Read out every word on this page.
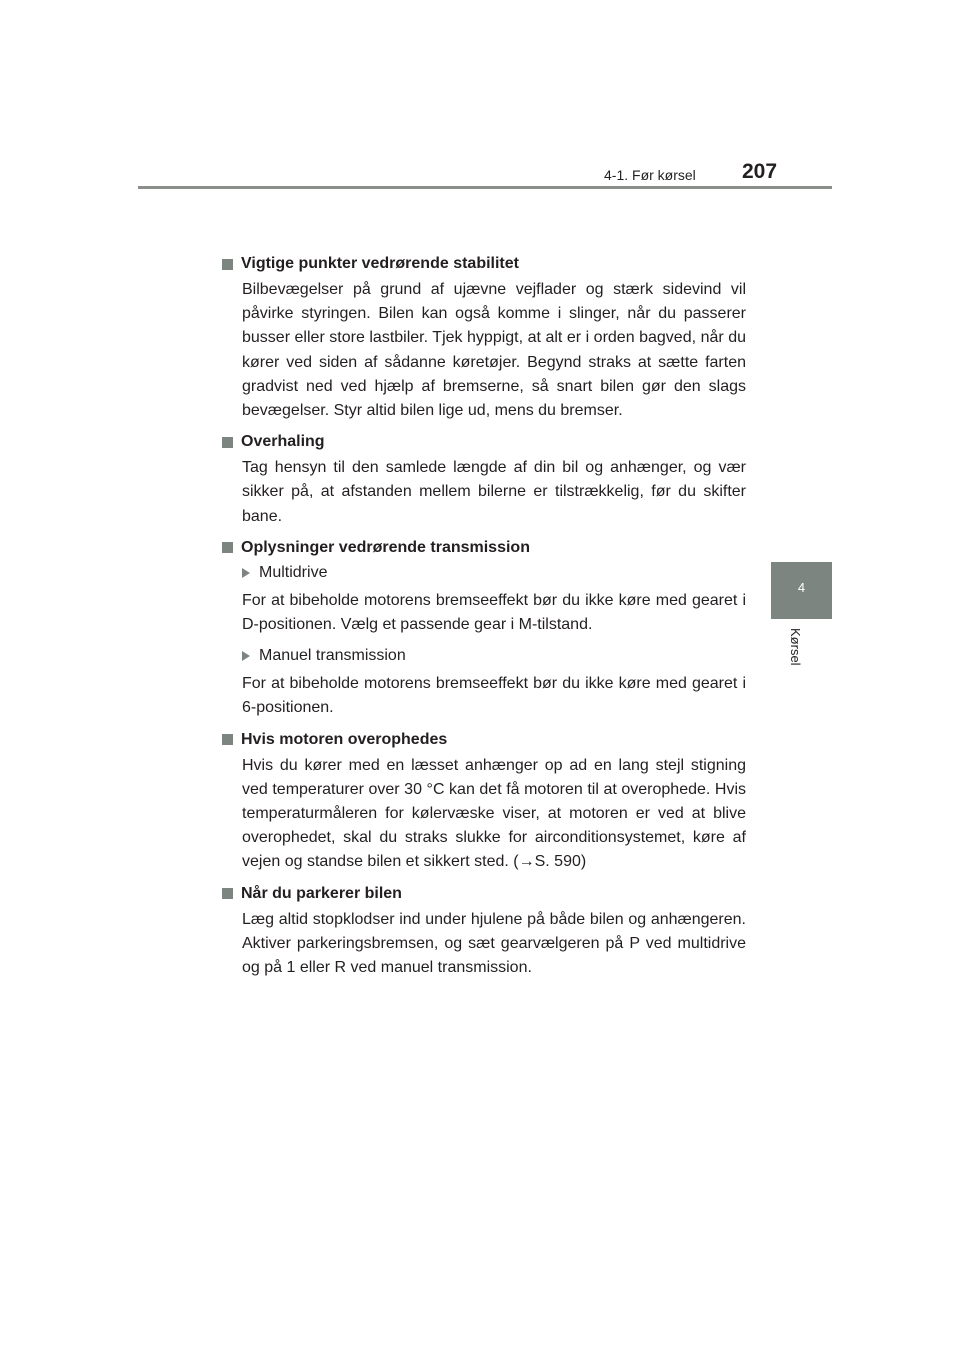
4-1. Før kørsel 207
4
Kørsel
Vigtige punkter vedrørende stabilitet

Bilbevægelser på grund af ujævne vejflader og stærk sidevind vil påvirke styringen. Bilen kan også komme i slinger, når du passerer busser eller store lastbiler. Tjek hyppigt, at alt er i orden bagved, når du kører ved siden af sådanne køretøjer. Begynd straks at sætte farten gradvist ned ved hjælp af bremserne, så snart bilen gør den slags bevægelser. Styr altid bilen lige ud, mens du bremser.

Overhaling

Tag hensyn til den samlede længde af din bil og anhænger, og vær sikker på, at afstanden mellem bilerne er tilstrækkelig, før du skifter bane.

Oplysninger vedrørende transmission
Multidrive

For at bibeholde motorens bremseeffekt bør du ikke køre med gearet i D-positionen. Vælg et passende gear i M-tilstand.

Manuel transmission

For at bibeholde motorens bremseeffekt bør du ikke køre med gearet i 6-positionen.

Hvis motoren overophedes

Hvis du kører med en læsset anhænger op ad en lang stejl stigning ved temperaturer over 30 °C kan det få motoren til at overophede. Hvis temperaturmåleren for kølervæske viser, at motoren er ved at blive overophedet, skal du straks slukke for airconditionsystemet, køre af vejen og standse bilen et sikkert sted. (→S. 590)

Når du parkerer bilen

Læg altid stopklodser ind under hjulene på både bilen og anhængeren. Aktiver parkeringsbremsen, og sæt gearvælgeren på P ved multidrive og på 1 eller R ved manuel transmission.
